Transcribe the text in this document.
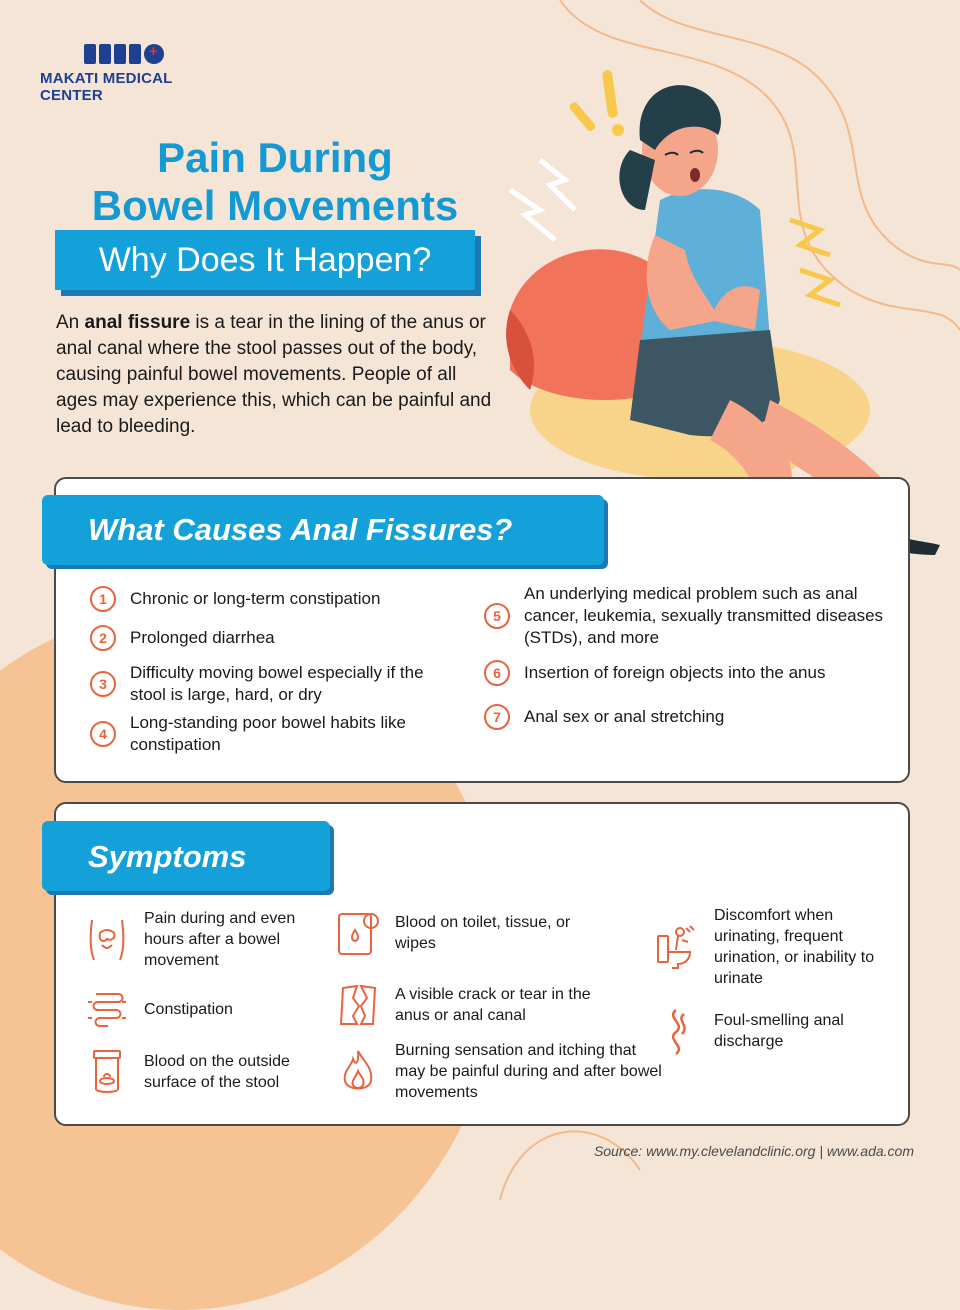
+
MAKATI MEDICAL CENTER
Pain During
Bowel Movements
Why Does It Happen?
An anal fissure is a tear in the lining of the anus or anal canal where the stool passes out of the body, causing painful bowel movements. People of all ages may experience this, which can be painful and lead to bleeding.
What Causes Anal Fissures?
1	Chronic or long-term constipation
2	Prolonged diarrhea
3
Difficulty moving bowel especially if the stool is large, hard, or dry
4
Long-standing poor bowel habits like constipation
5
An underlying medical problem such as anal cancer, leukemia, sexually transmitted diseases (STDs), and more
6	Insertion of foreign objects into the anus
7	Anal sex or anal stretching
Symptoms
Pain during and even hours after a bowel movement
Constipation
Blood on the outside surface of the stool
Blood on toilet, tissue, or wipes
A visible crack or tear in the anus or anal canal
Burning sensation and itching that may be painful during and after bowel movements
Discomfort when urinating, frequent urination, or inability to urinate
Foul-smelling anal discharge
Source: www.my.clevelandclinic.org | www.ada.com
